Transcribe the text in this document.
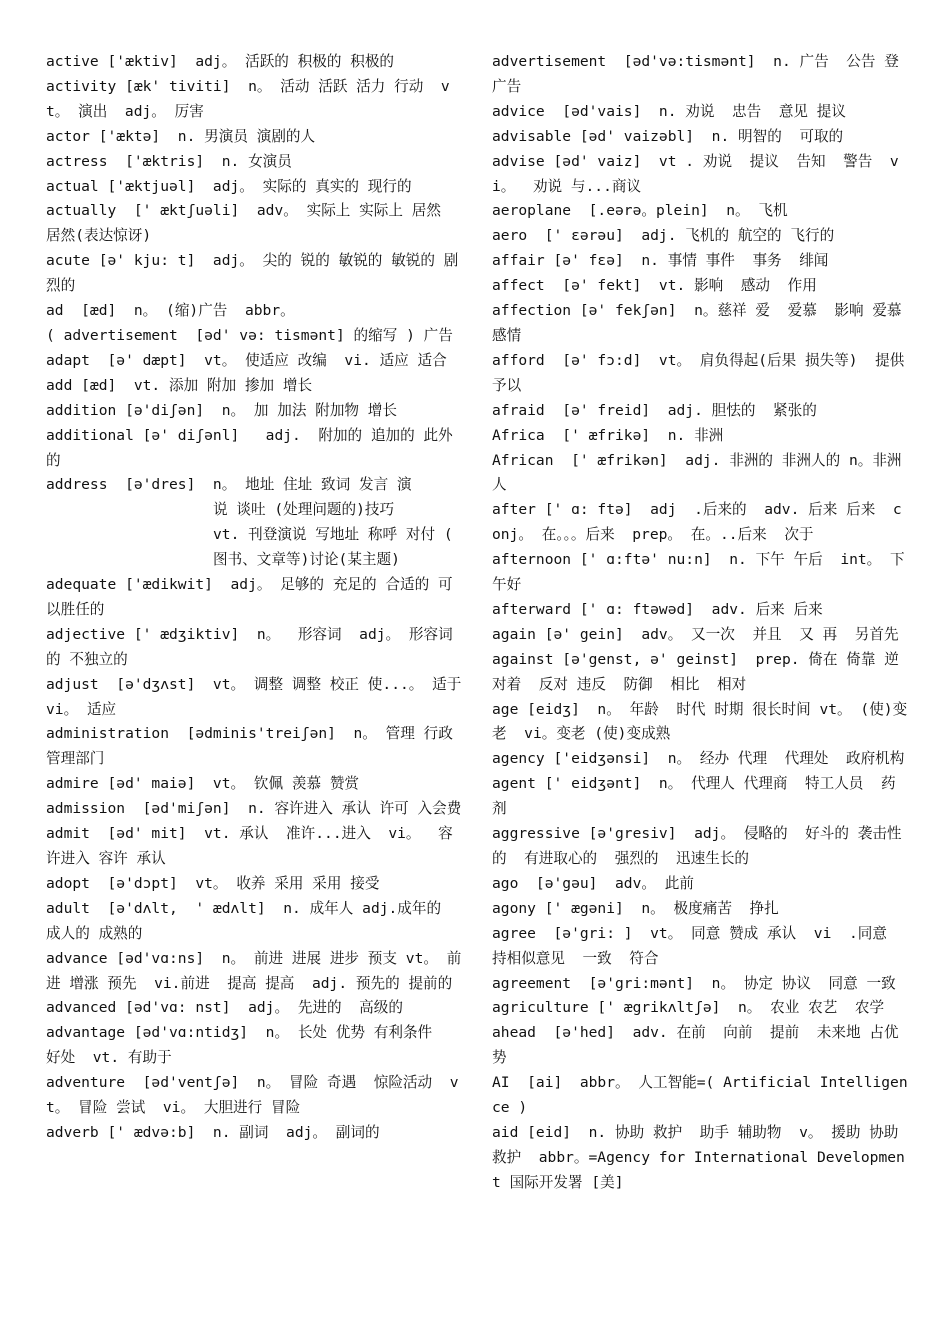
active ['æktiv]  adj。 活跃的 积极的 积极的

activity [æk' tiviti]  n。 活动 活跃 活力 行动  vt。 演出  adj。 厉害

actor ['æktə]  n. 男演员 演剧的人

actress  ['æktris]  n. 女演员

actual ['æktjuəl]  adj。 实际的 真实的 现行的

actually  [' æktʃuəli]  adv。 实际上 实际上 居然 居然(表达惊讶)

acute [ə' kju: t]  adj。 尖的 锐的 敏锐的 敏锐的 剧烈的

ad  [æd]  n。 (缩)广告  abbr。

( advertisement  [əd' və: tismənt] 的缩写 ) 广告

adapt  [ə' dæpt]  vt。 使适应 改编  vi. 适应 适合

add [æd]  vt. 添加 附加 掺加 增长

addition [ə'diʃən]  n。 加 加法 附加物 增长

additional [ə' diʃənl]   adj.  附加的 追加的 此外的

address  [ə'dres]  n。 地址 住址 致词 发言 演

说 谈吐 (处理问题的)技巧

vt. 刊登演说 写地址 称呼 对付 ( 图书、文章等)讨论(某主题)

adequate ['ædikwit]  adj。 足够的 充足的 合适的 可以胜任的

adjective [' ædʒiktiv]  n。  形容词  adj。 形容词的 不独立的

adjust  [ə'dʒʌst]  vt。 调整 调整 校正 使...。 适于  vi。 适应

administration  [ədminis'treiʃən]  n。 管理 行政 管理部门

admire [əd' maiə]  vt。 钦佩 羡慕 赞赏

admission  [əd'miʃən]  n. 容许进入 承认 许可 入会费

admit  [əd' mit]  vt. 承认  准许...进入  vi。  容许进入 容许 承认

adopt  [ə'dɔpt]  vt。 收养 采用 采用 接受

adult  [ə'dʌlt,  ' ædʌlt]  n. 成年人 adj.成年的 成人的 成熟的

advance [əd'vɑ:ns]  n。 前进 进展 进步 预支 vt。 前进 增涨 预先  vi.前进  提高 提高  adj. 预先的 提前的

advanced [əd'vɑ: nst]  adj。 先进的  高级的

advantage [əd'vɑ:ntidʒ]  n。 长处 优势 有利条件  好处  vt. 有助于

adventure  [əd'ventʃə]  n。 冒险 奇遇  惊险活动  vt。 冒险 尝试  vi。 大胆进行 冒险

adverb [' ædvə:b]  n. 副词  adj。 副词的

advertisement  [əd'və:tismənt]  n. 广告  公告 登广告

advice  [əd'vais]  n. 劝说  忠告  意见 提议

advisable [əd' vaizəbl]  n. 明智的  可取的

advise [əd' vaiz]  vt . 劝说  提议  告知  警告  vi。  劝说 与...商议

aeroplane  [.eərə。plein]  n。 飞机

aero  [' ɛərəu]  adj. 飞机的 航空的 飞行的

affair [ə' fɛə]  n. 事情 事件  事务  绯闻

affect  [ə' fekt]  vt. 影响  感动  作用

affection [ə' fekʃən]  n。慈祥 爱  爱慕  影响 爱慕 感情

afford  [ə' fɔ:d]  vt。 肩负得起(后果 损失等)  提供  予以

afraid  [ə' freid]  adj. 胆怯的  紧张的

Africa  [' æfrikə]  n. 非洲

African  [' æfrikən]  adj. 非洲的 非洲人的 n。非洲人

after [' ɑ: ftə]  adj  .后来的  adv. 后来 后来  conj。 在。。。后来  prep。 在。..后来  次于

afternoon [' ɑ:ftə' nu:n]  n. 下午 午后  int。 下午好

afterward [' ɑ: ftəwəd]  adv. 后来 后来

again [ə' gein]  adv。 又一次  并且  又 再  另首先

against [ə'genst, ə' geinst]  prep. 倚在 倚靠 逆 对着  反对 违反  防御  相比  相对

age [eidʒ]  n。 年龄  时代 时期 很长时间 vt。 (使)变老  vi。变老 (使)变成熟

agency ['eidʒənsi]  n。 经办 代理  代理处  政府机构

agent [' eidʒənt]  n。 代理人 代理商  特工人员  药剂

aggressive [ə'gresiv]  adj。 侵略的  好斗的 袭击性的  有进取心的  强烈的  迅速生长的

ago  [ə'gəu]  adv。 此前

agony [' ægəni]  n。 极度痛苦  挣扎

agree  [ə'gri: ]  vt。 同意 赞成 承认  vi  .同意  持相似意见  一致  符合

agreement  [ə'gri:mənt]  n。 协定 协议  同意 一致

agriculture [' ægrikʌltʃə]  n。 农业 农艺  农学

ahead  [ə'hed]  adv. 在前  向前  提前  未来地 占优势

AI  [ai]  abbr。 人工智能=( Artificial Intelligence )

aid [eid]  n. 协助 救护  助手 辅助物  v。 援助 协助 救护  abbr。=Agency for International Development 国际开发署 [美]
